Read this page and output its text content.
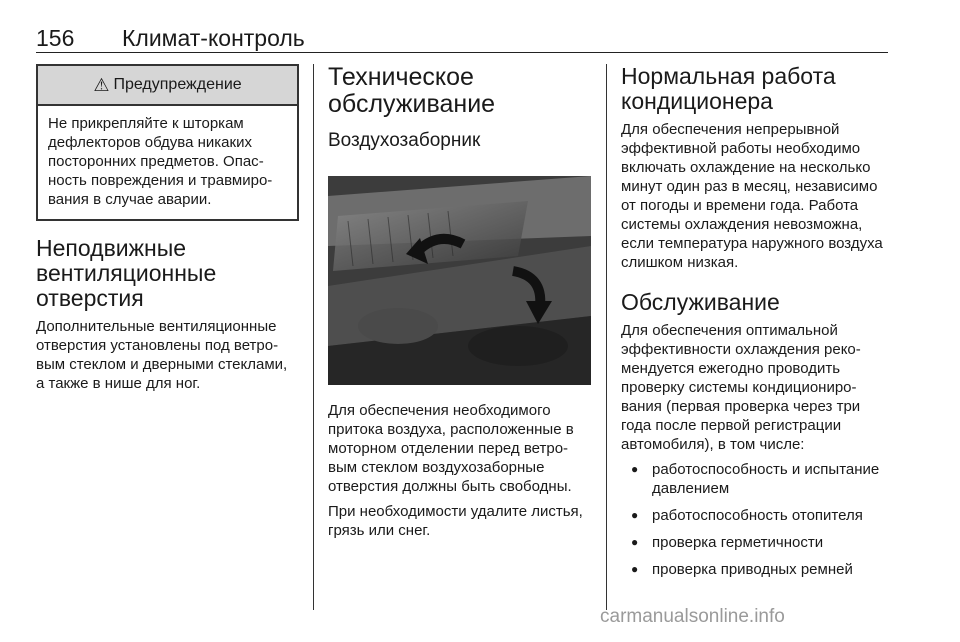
156 Климат-контроль
⚠ Предупреждение
Не прикрепляйте к шторкам дефлекторов обдува никаких посторонних предметов. Опасность повреждения и травмирования в случае аварии.
Неподвижные вентиляционные отверстия

Дополнительные вентиляционные отверстия установлены под ветровым стеклом и дверными стеклами, а также в нише для ног.

Техническое обслуживание
Воздухозаборник

Для обеспечения необходимого притока воздуха, расположенные в моторном отделении перед ветровым стеклом воздухозаборные отверстия должны быть свободны.

При необходимости удалите листья, грязь или снег.

Нормальная работа кондиционера

Для обеспечения непрерывной эффективной работы необходимо включать охлаждение на несколько минут один раз в месяц, независимо от погоды и времени года. Работа системы охлаждения невозможна, если температура наружного воздуха слишком низкая.

Обслуживание

Для обеспечения оптимальной эффективности охлаждения рекомендуется ежегодно проводить проверку системы кондиционирования (первая проверка через три года после первой регистрации автомобиля), в том числе:

● работоспособность и испытание давлением
● работоспособность отопителя
● проверка герметичности
● проверка приводных ремней
carmanualsonline.info
